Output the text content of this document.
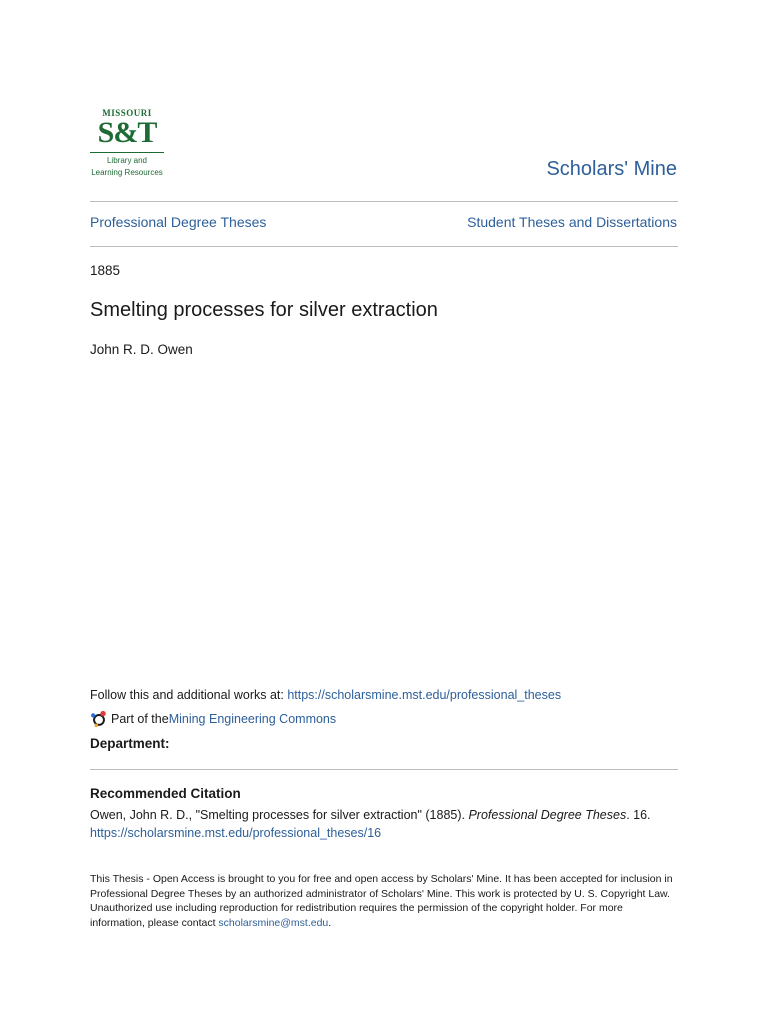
MISSOURI
S&T
Library and
Learning Resources	Scholars' Mine
Professional Degree Theses	Student Theses and Dissertations
1885
Smelting processes for silver extraction
John R. D. Owen
Follow this and additional works at: https://scholarsmine.mst.edu/professional_theses
Part of the Mining Engineering Commons
Department:
Recommended Citation
Owen, John R. D., "Smelting processes for silver extraction" (1885). Professional Degree Theses. 16.
https://scholarsmine.mst.edu/professional_theses/16
This Thesis - Open Access is brought to you for free and open access by Scholars' Mine. It has been accepted for inclusion in Professional Degree Theses by an authorized administrator of Scholars' Mine. This work is protected by U. S. Copyright Law. Unauthorized use including reproduction for redistribution requires the permission of the copyright holder. For more information, please contact scholarsmine@mst.edu.
